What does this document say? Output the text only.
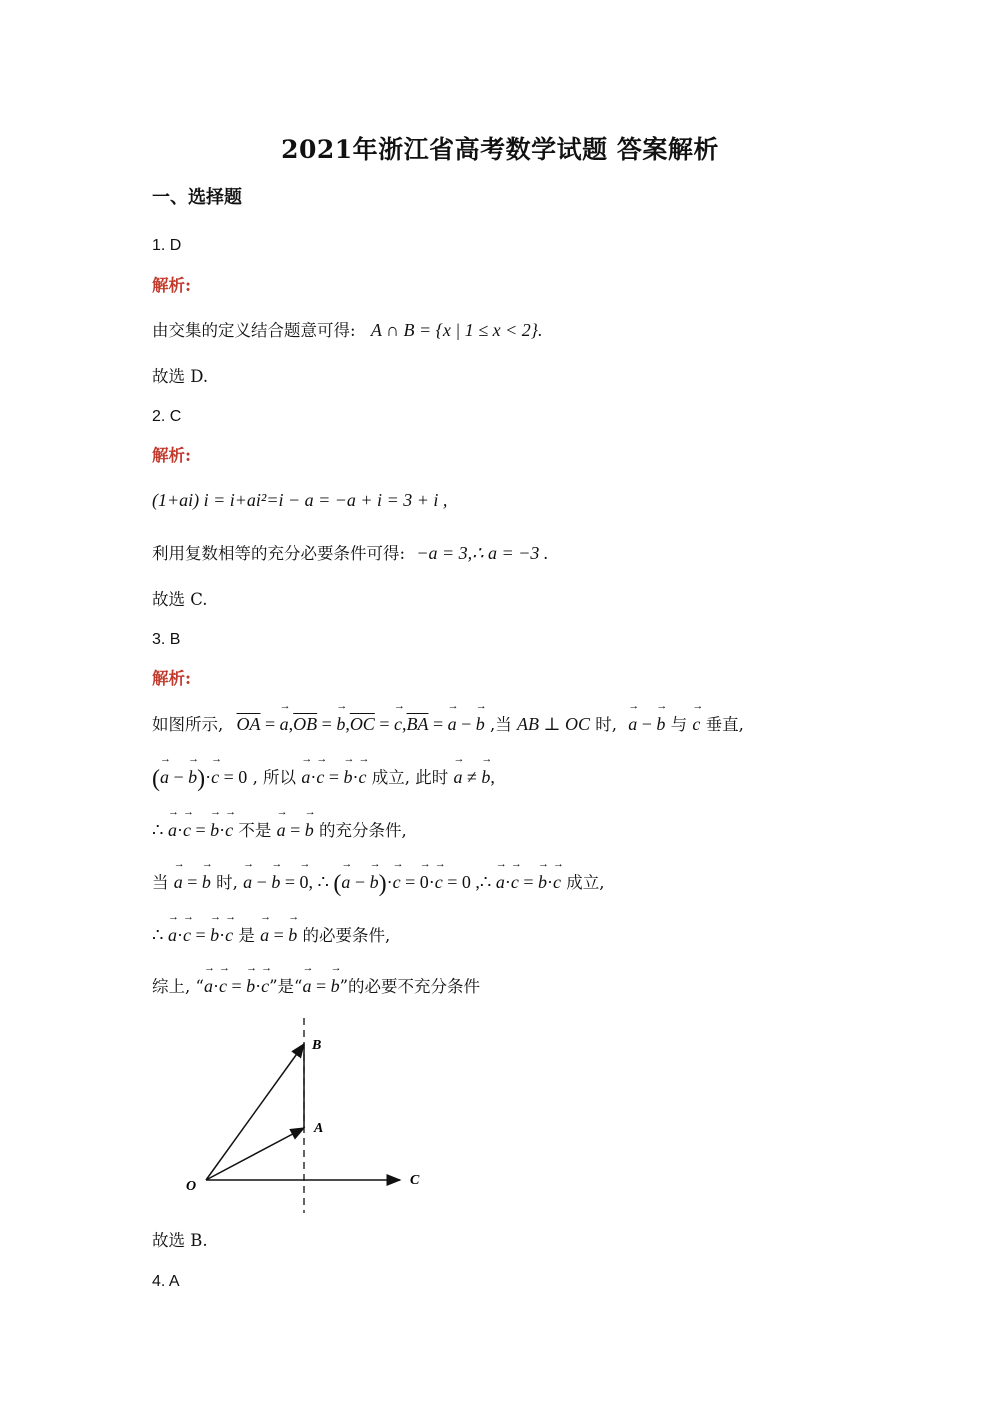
2021年浙江省高考数学试题 答案解析
一、选择题
1. D
解析:
由交集的定义结合题意可得: A ∩ B = {x | 1 ≤ x < 2}.
故选 D.
2. C
解析:
(1+ai) i = i+ai²=i − a = −a + i = 3 + i ,
利用复数相等的充分必要条件可得: −a = 3,∴ a = −3 .
故选 C.
3. B
解析:
如图所示, $\overline{OA}$ = → $a,\overline{OB}$ = → $b,\overline{OC}$ = → $c,\overline{BA}$ = → a − → b ,当 AB ⊥ OC 时, → a − → b 与 → c 垂直,
(→ a − → b)·→ c = 0 , 所以 → a·→ c = → b·→ c 成立, 此时 → a ≠ → b,
∴ → a·→ c = → b·→ c 不是 → a = → b 的充分条件,
当 → a = → b 时, → a − → b = → 0, ∴ (→ a − → b)·→ c = → 0·→ c = 0 ,∴ → a·→ c = → b·→ c 成立,
∴ → a·→ c = → b·→ c 是 → a = → b 的必要条件,
综上, “→ a·→ c = → b·→ c”是“→ a = → b”的必要不充分条件
O
A
B
C
故选 B.
4. A
